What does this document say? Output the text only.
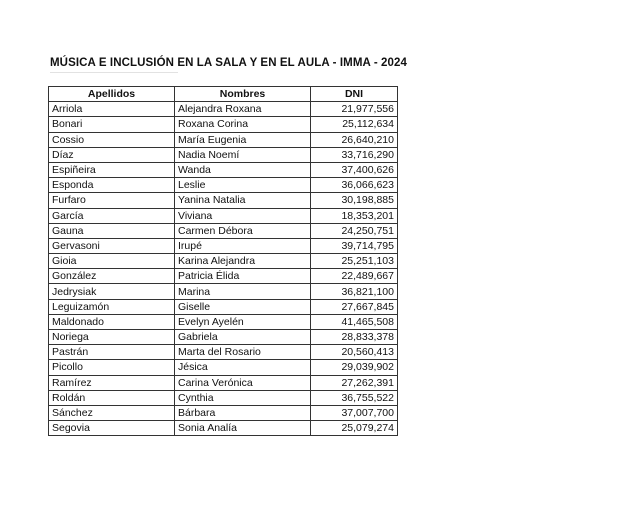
MÚSICA E INCLUSIÓN EN LA SALA Y EN EL AULA - IMMA - 2024
Apellidos	Nombres	DNI
Arriola	Alejandra Roxana	21,977,556
Bonari	Roxana Corina	25,112,634
Cossio	María Eugenia	26,640,210
Díaz	Nadia Noemí	33,716,290
Espiñeira	Wanda	37,400,626
Esponda	Leslie	36,066,623
Furfaro	Yanina Natalia	30,198,885
García	Viviana	18,353,201
Gauna	Carmen Débora	24,250,751
Gervasoni	Irupé	39,714,795
Gioia	Karina Alejandra	25,251,103
González	Patricia Élida	22,489,667
Jedrysiak	Marina	36,821,100
Leguizamón	Giselle	27,667,845
Maldonado	Evelyn Ayelén	41,465,508
Noriega	Gabriela	28,833,378
Pastrán	Marta del Rosario	20,560,413
Picollo	Jésica	29,039,902
Ramírez	Carina Verónica	27,262,391
Roldán	Cynthia	36,755,522
Sánchez	Bárbara	37,007,700
Segovia	Sonia Analía	25,079,274
